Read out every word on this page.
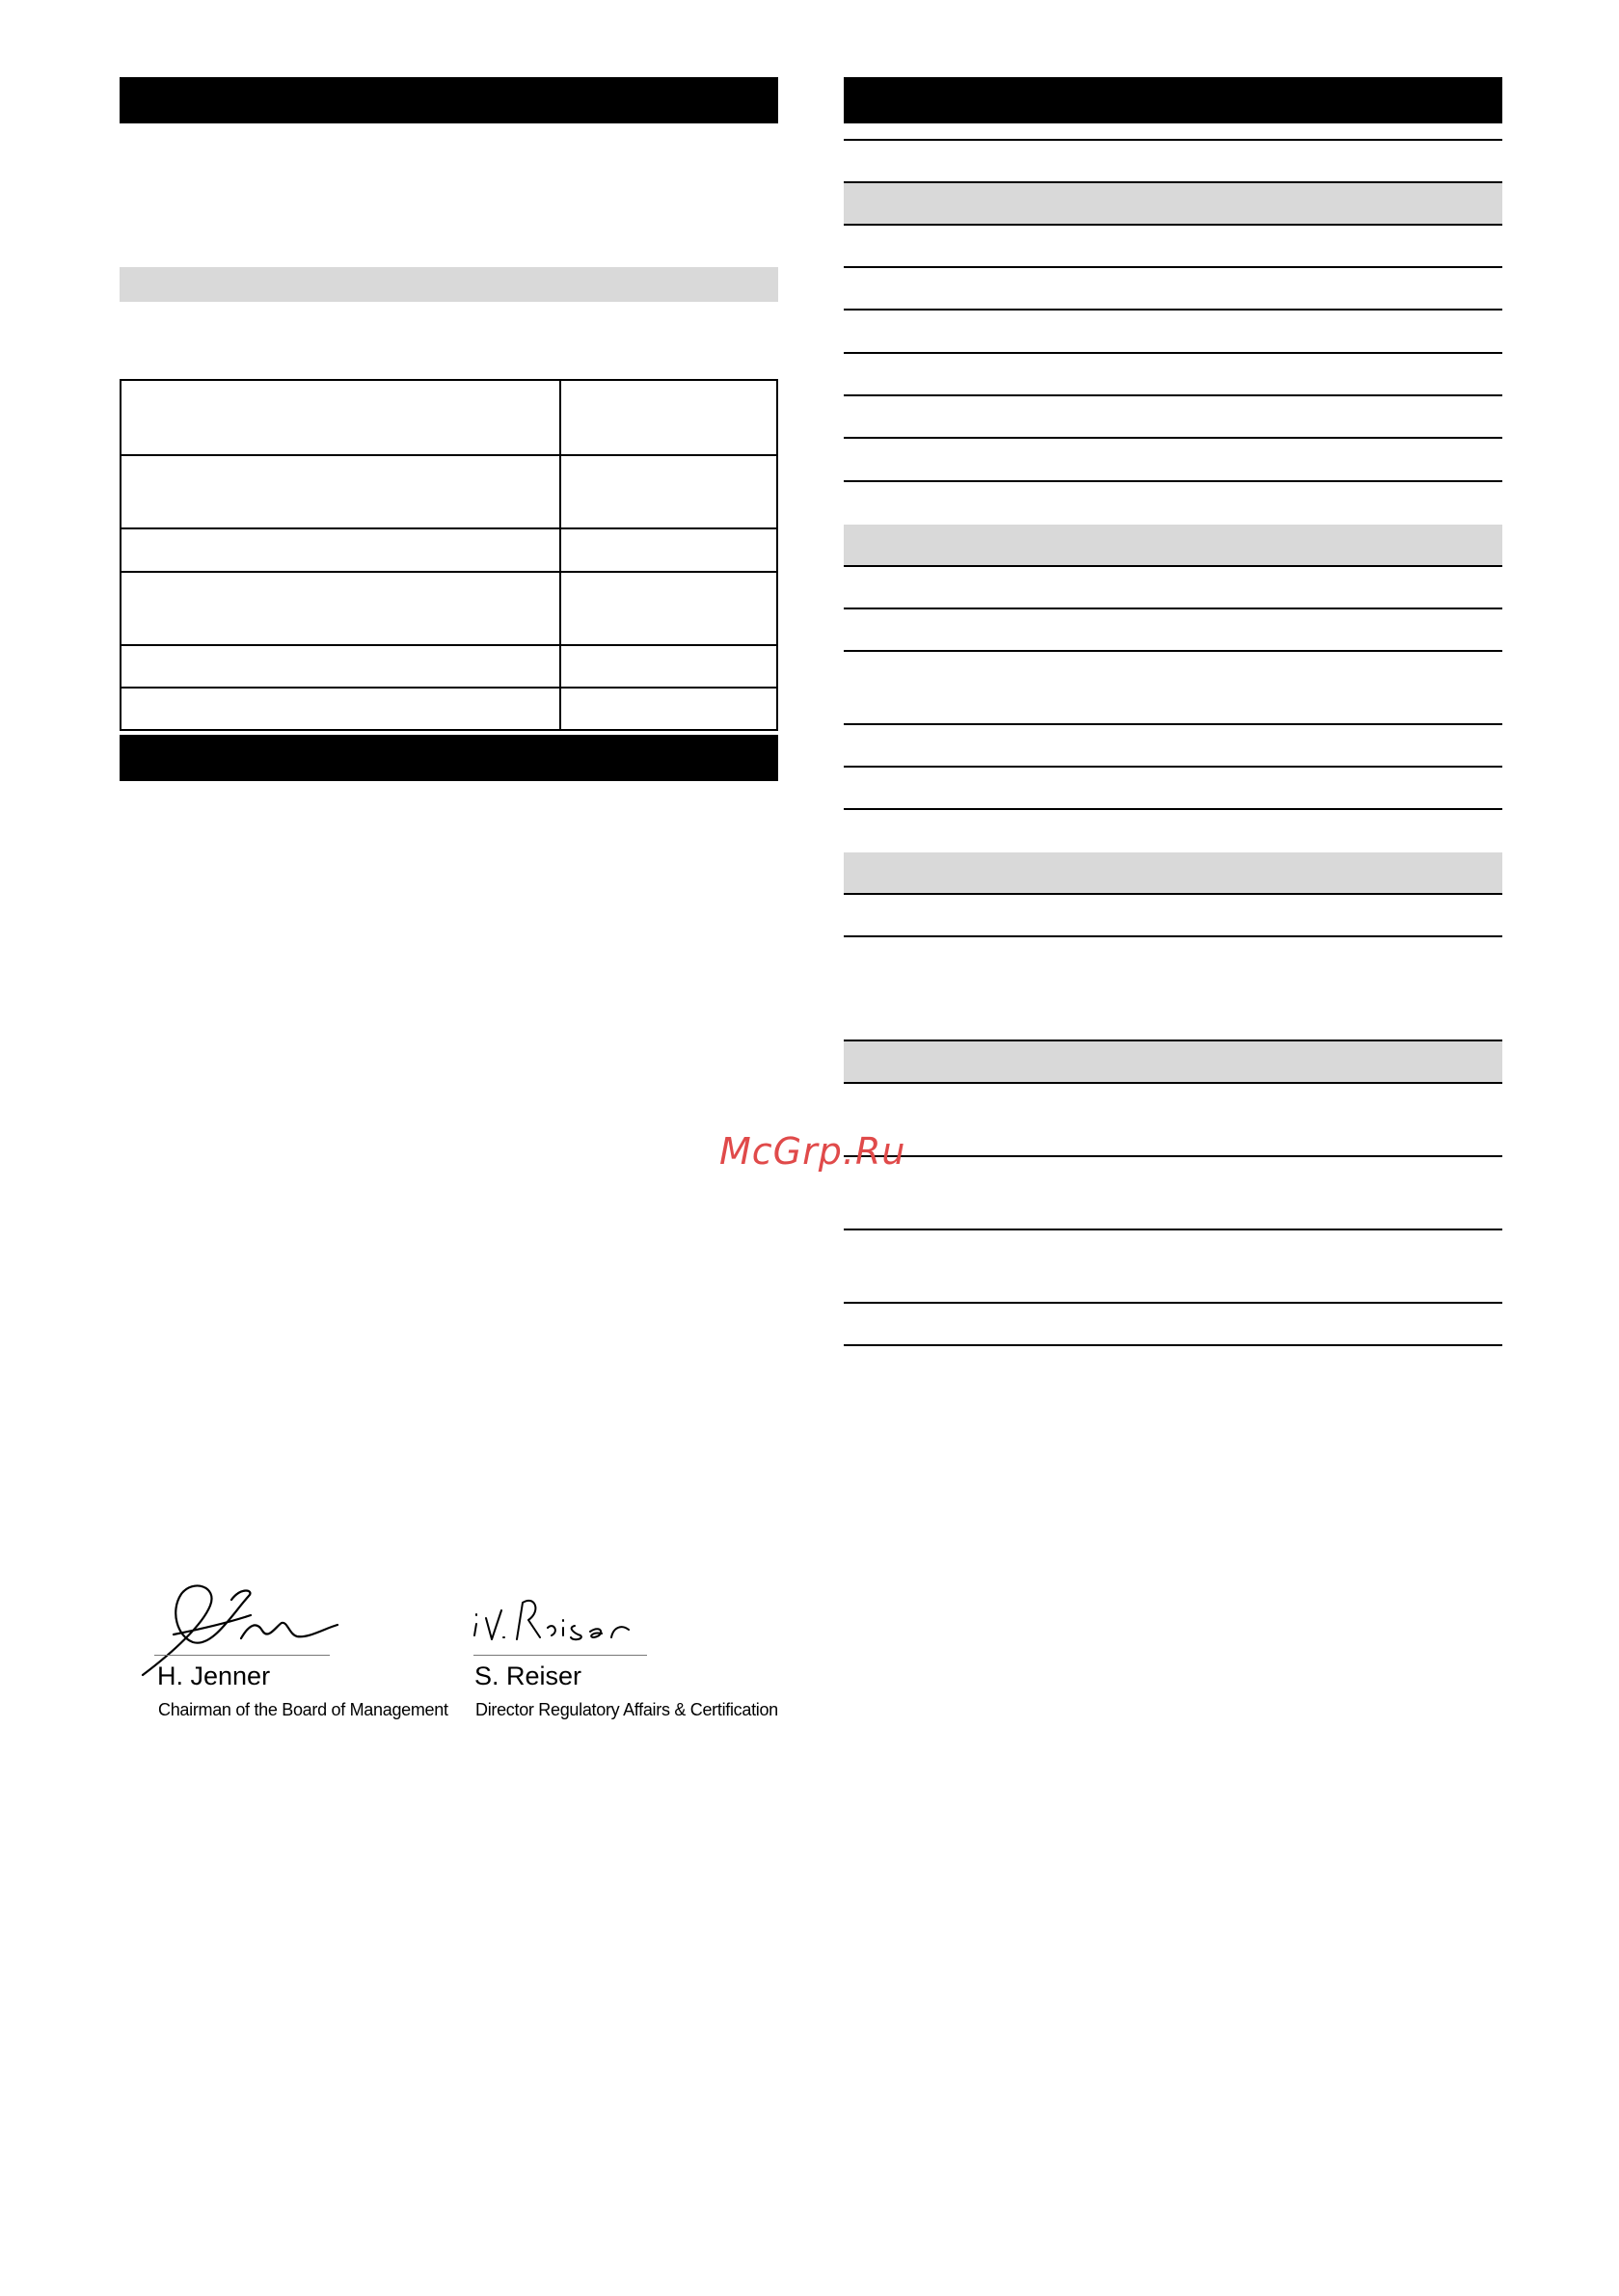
H. Jenner
Chairman of the Board of Management
S. Reiser
Director Regulatory Affairs & Certification
McGrp.Ru
